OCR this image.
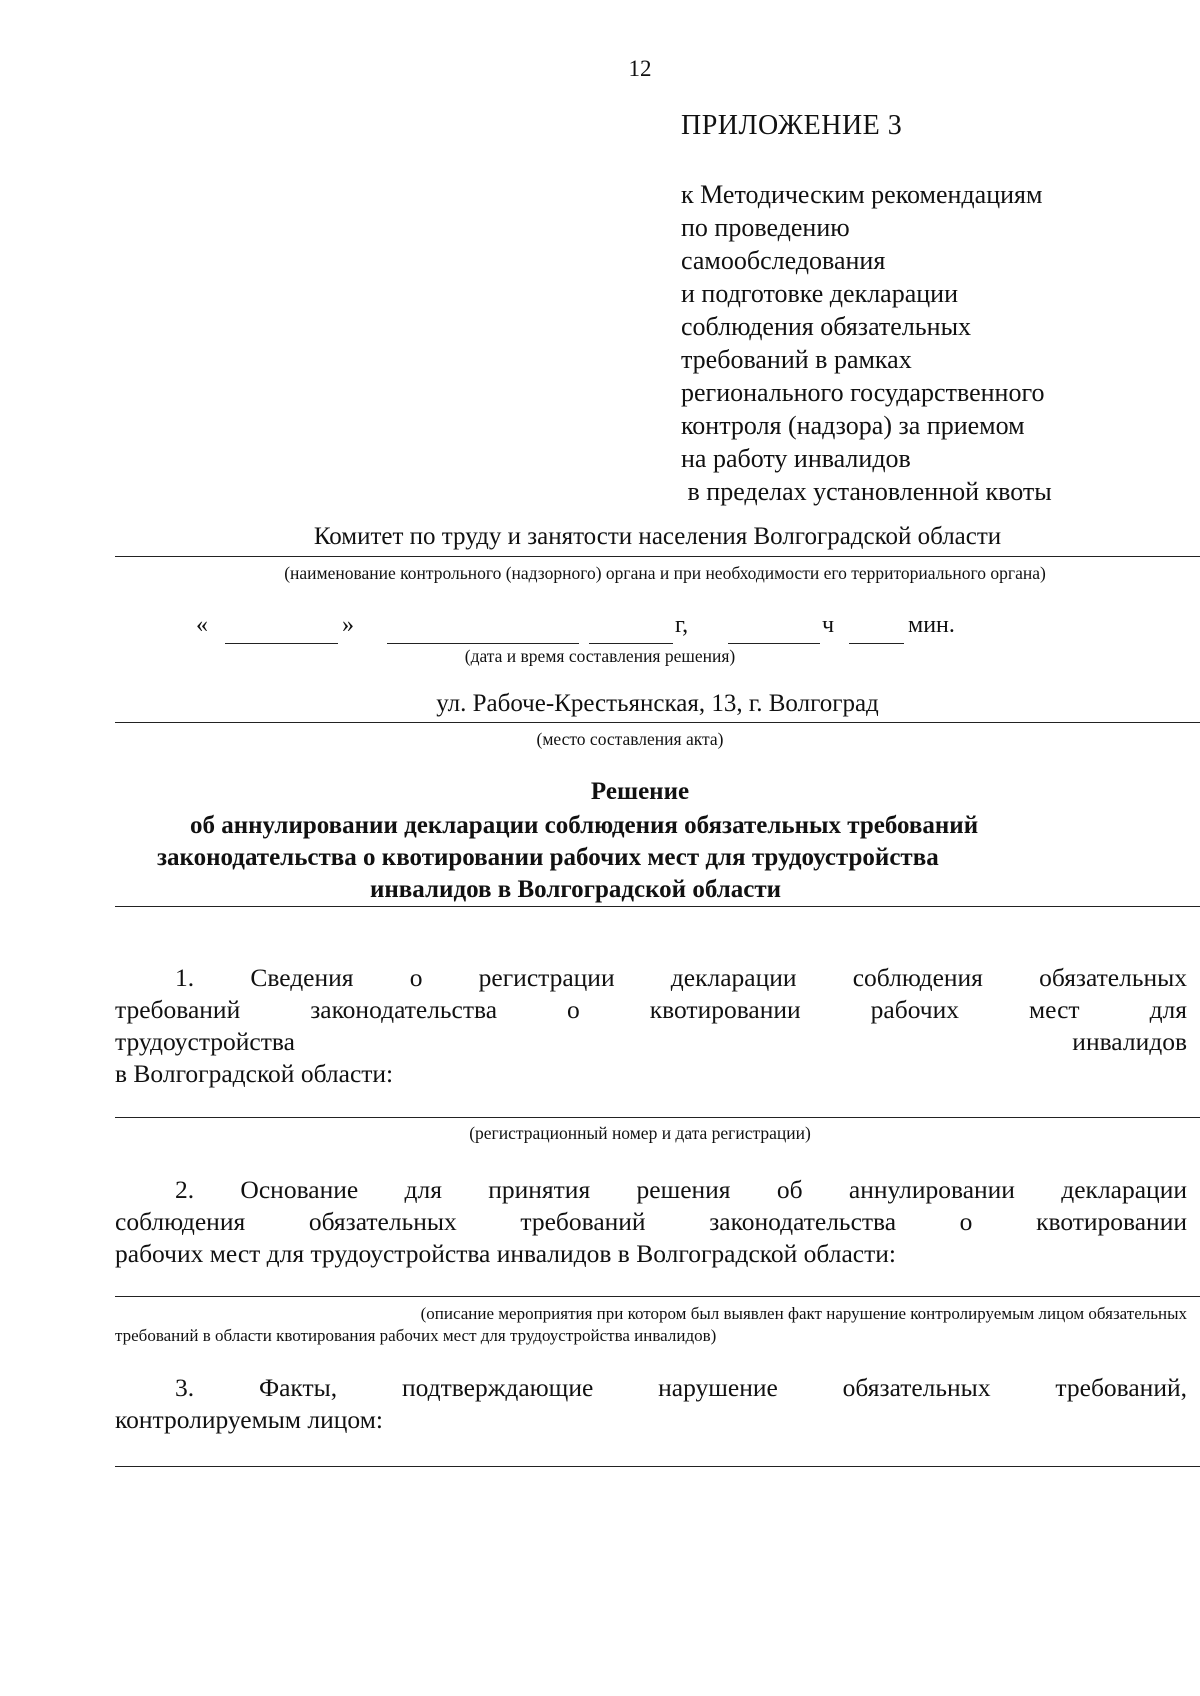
12
ПРИЛОЖЕНИЕ 3
к Методическим рекомендациям
по проведению
самообследования
и подготовке декларации
соблюдения обязательных
требований в рамках
регионального государственного
контроля (надзора) за приемом
на работу инвалидов
в пределах установленной квоты
Комитет по труду и занятости населения Волгоградской области
(наименование контрольного (надзорного) органа и при необходимости его территориального органа)
«	»	г,	ч	мин.
(дата и время составления решения)
ул. Рабоче-Крестьянская, 13, г. Волгоград
(место составления акта)
Решение
об аннулировании декларации соблюдения обязательных требований
законодательства о квотировании рабочих мест для трудоустройства
инвалидов в Волгоградской области
1. Сведения о регистрации декларации соблюдения обязательных
требований законодательства о квотировании рабочих мест для
трудоустройства инвалидов
в Волгоградской области:
(регистрационный номер и дата регистрации)
2. Основание для принятия решения об аннулировании декларации
соблюдения обязательных требований законодательства о квотировании
рабочих мест для трудоустройства инвалидов в Волгоградской области:
(описание мероприятия при котором был выявлен факт нарушение контролируемым лицом обязательных
требований в области квотирования рабочих мест для трудоустройства инвалидов)
3. Факты, подтверждающие нарушение обязательных требований,
контролируемым лицом:
